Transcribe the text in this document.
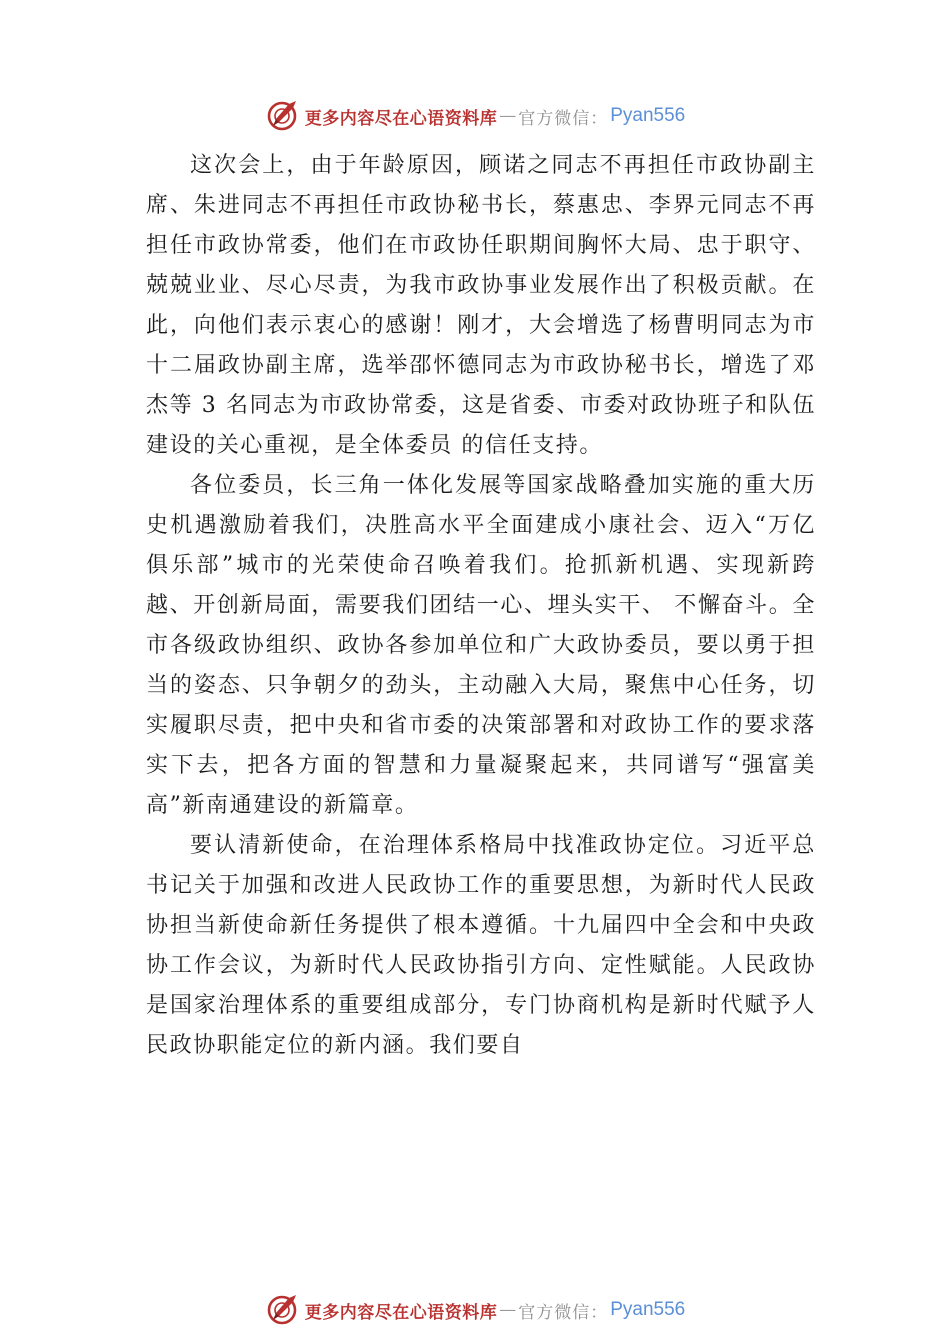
更多内容尽在心语资料库 — 官方微信： Pyan556

这次会上，由于年龄原因，顾诺之同志不再担任市政协副主席、朱进同志不再担任市政协秘书长，蔡惠忠、李界元同志不再担任市政协常委，他们在市政协任职期间胸怀大局、忠于职守、兢兢业业、尽心尽责，为我市政协事业发展作出了积极贡献。在此，向他们表示衷心的感谢！刚才，大会增选了杨曹明同志为市十二届政协副主席，选举邵怀德同志为市政协秘书长，增选了邓杰等 3 名同志为市政协常委，这是省委、市委对政协班子和队伍建设的关心重视，是全体委员 的信任支持。

各位委员，长三角一体化发展等国家战略叠加实施的重大历史机遇激励着我们，决胜高水平全面建成小康社会、迈入“万亿俱乐部”城市的光荣使命召唤着我们。抢抓新机遇、实现新跨越、开创新局面，需要我们团结一心、埋头实干、 不懈奋斗。全市各级政协组织、政协各参加单位和广大政协委员，要以勇于担当的姿态、只争朝夕的劲头，主动融入大局，聚焦中心任务，切实履职尽责，把中央和省市委的决策部署和对政协工作的要求落实下去，把各方面的智慧和力量凝聚起来，共同谱写“强富美高”新南通建设的新篇章。

要认清新使命，在治理体系格局中找准政协定位。习近平总书记关于加强和改进人民政协工作的重要思想，为新时代人民政协担当新使命新任务提供了根本遵循。十九届四中全会和中央政协工作会议，为新时代人民政协指引方向、定性赋能。人民政协是国家治理体系的重要组成部分，专门协商机构是新时代赋予人民政协职能定位的新内涵。我们要自

更多内容尽在心语资料库 — 官方微信： Pyan556
